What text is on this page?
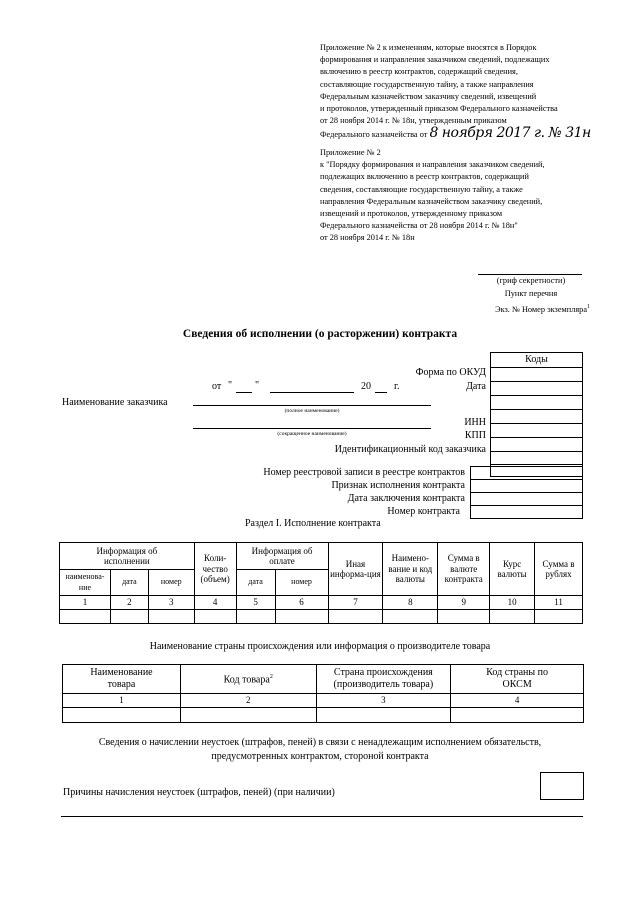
Приложение № 2 к изменениям, которые вносятся в Порядок
формирования и направления заказчиком сведений, подлежащих
включению в реестр контрактов, содержащий сведения,
составляющие государственную тайну, а также направления
Федеральным казначейством заказчику сведений, извещений
и протоколов, утвержденный приказом Федерального казначейства
от 28 ноября 2014 г. № 18н, утвержденным приказом
Федерального казначейства от 8 ноября 2017 г. № 31н
Приложение № 2
к "Порядку формирования и направления заказчиком сведений,
подлежащих включению в реестр контрактов, содержащий
сведения, составляющие государственную тайну, а также
направления Федеральным казначейством заказчику сведений,
извещений и протоколов, утвержденному приказом
Федерального казначейства от 28 ноября 2014 г. № 18н"
от 28 ноября 2014 г. № 18н
(гриф секретности)
Пункт перечня
Экз. № Номер экземпляра$^1$
Сведения об исполнении (о расторжении) контракта
Коды

Форма по ОКУД
от " "	20 г.	Дата
Наименование заказчика
(полное наименование)
ИНН
(сокращенное наименование)	КПП
Идентификационный код заказчика

Номер реестровой записи в реестре контрактов
Признак исполнения контракта
Дата заключения контракта
Номер контракта
Раздел I. Исполнение контракта
Информация об исполнении			Коли-чество (объем)	Информация об оплате		Иная информа-ция	Наимено-вание и код валюты	Сумма в валюте контракта	Курс валюты	Сумма в рублях
наименова-ние	дата	номер		дата	номер					
1	2	3	4	5	6	7	8	9	10	11

Наименование страны происхождения или информация о производителе товара
Наименование товара	Код товара$^2$	Страна происхождения (производитель товара)	Код страны по ОКСМ
1	2	3	4

Сведения о начислении неустоек (штрафов, пеней) в связи с ненадлежащим исполнением обязательств,
предусмотренных контрактом, стороной контракта
Причины начисления неустоек (штрафов, пеней) (при наличии)
